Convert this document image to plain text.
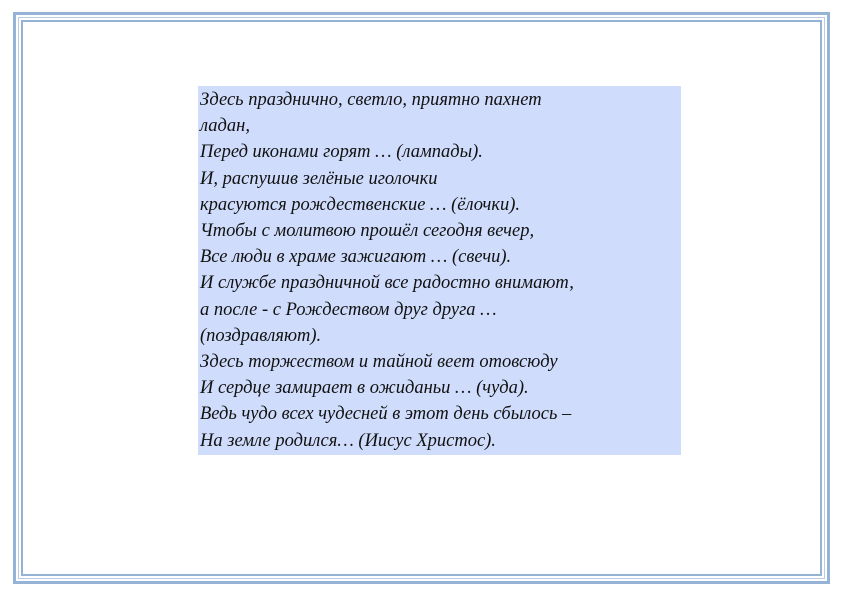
Здесь празднично, светло, приятно пахнет
ладан,
Перед иконами горят … (лампады).
И, распушив зелёные иголочки
красуются рождественские … (ёлочки).
Чтобы с молитвою прошёл сегодня вечер,
Все люди в храме зажигают … (свечи).
И службе праздничной все радостно внимают,
а после - с Рождеством друг друга …
(поздравляют).
Здесь торжеством и тайной веет отовсюду
И сердце замирает в ожиданьи … (чуда).
Ведь чудо всех чудесней в этот день сбылось –
На земле родился… (Иисус Христос).
